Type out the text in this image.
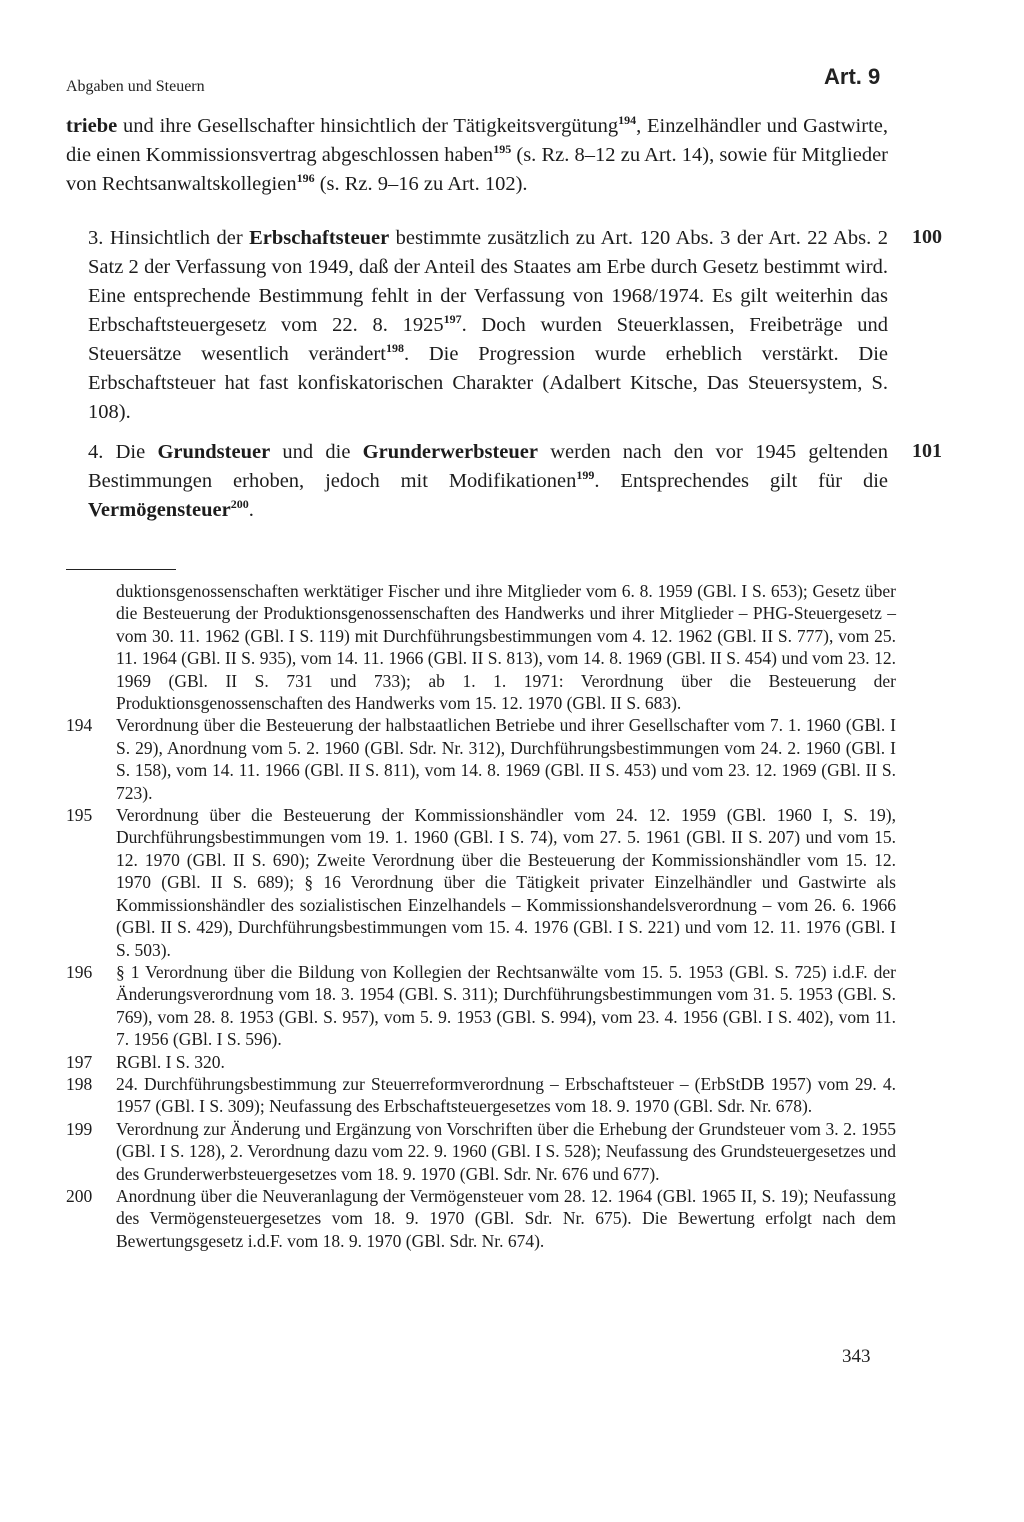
Abgaben und Steuern	Art. 9
triebe und ihre Gesellschafter hinsichtlich der Tätigkeitsvergütung$^{194}$, Einzelhändler und Gastwirte, die einen Kommissionsvertrag abgeschlossen haben$^{195}$ (s. Rz. 8–12 zu Art. 14), sowie für Mitglieder von Rechtsanwaltskollegien$^{196}$ (s. Rz. 9–16 zu Art. 102).
100
3. Hinsichtlich der Erbschaftsteuer bestimmte zusätzlich zu Art. 120 Abs. 3 der Art. 22 Abs. 2 Satz 2 der Verfassung von 1949, daß der Anteil des Staates am Erbe durch Gesetz bestimmt wird. Eine entsprechende Bestimmung fehlt in der Verfassung von 1968/1974. Es gilt weiterhin das Erbschaftsteuergesetz vom 22. 8. 1925$^{197}$. Doch wurden Steuerklassen, Freibeträge und Steuersätze wesentlich verändert$^{198}$. Die Progression wurde erheblich verstärkt. Die Erbschaftsteuer hat fast konfiskatorischen Charakter (Adalbert Kitsche, Das Steuersystem, S. 108).
101
4. Die Grundsteuer und die Grunderwerbsteuer werden nach den vor 1945 geltenden Bestimmungen erhoben, jedoch mit Modifikationen$^{199}$. Entsprechendes gilt für die Vermögensteuer$^{200}$.
duktionsgenossenschaften werktätiger Fischer und ihre Mitglieder vom 6. 8. 1959 (GBl. I S. 653); Gesetz über die Besteuerung der Produktionsgenossenschaften des Handwerks und ihrer Mitglieder – PHG-Steuergesetz – vom 30. 11. 1962 (GBl. I S. 119) mit Durchführungsbestimmungen vom 4. 12. 1962 (GBl. II S. 777), vom 25. 11. 1964 (GBl. II S. 935), vom 14. 11. 1966 (GBl. II S. 813), vom 14. 8. 1969 (GBl. II S. 454) und vom 23. 12. 1969 (GBl. II S. 731 und 733); ab 1. 1. 1971: Verordnung über die Besteuerung der Produktionsgenossenschaften des Handwerks vom 15. 12. 1970 (GBl. II S. 683).
194	Verordnung über die Besteuerung der halbstaatlichen Betriebe und ihrer Gesellschafter vom 7. 1. 1960 (GBl. I S. 29), Anordnung vom 5. 2. 1960 (GBl. Sdr. Nr. 312), Durchführungsbestimmungen vom 24. 2. 1960 (GBl. I S. 158), vom 14. 11. 1966 (GBl. II S. 811), vom 14. 8. 1969 (GBl. II S. 453) und vom 23. 12. 1969 (GBl. II S. 723).
195	Verordnung über die Besteuerung der Kommissionshändler vom 24. 12. 1959 (GBl. 1960 I, S. 19), Durchführungsbestimmungen vom 19. 1. 1960 (GBl. I S. 74), vom 27. 5. 1961 (GBl. II S. 207) und vom 15. 12. 1970 (GBl. II S. 690); Zweite Verordnung über die Besteuerung der Kommissionshändler vom 15. 12. 1970 (GBl. II S. 689); § 16 Verordnung über die Tätigkeit privater Einzelhändler und Gastwirte als Kommissionshändler des sozialistischen Einzelhandels – Kommissionshandelsverordnung – vom 26. 6. 1966 (GBl. II S. 429), Durchführungsbestimmungen vom 15. 4. 1976 (GBl. I S. 221) und vom 12. 11. 1976 (GBl. I S. 503).
196	§ 1 Verordnung über die Bildung von Kollegien der Rechtsanwälte vom 15. 5. 1953 (GBl. S. 725) i.d.F. der Änderungsverordnung vom 18. 3. 1954 (GBl. S. 311); Durchführungsbestimmungen vom 31. 5. 1953 (GBl. S. 769), vom 28. 8. 1953 (GBl. S. 957), vom 5. 9. 1953 (GBl. S. 994), vom 23. 4. 1956 (GBl. I S. 402), vom 11. 7. 1956 (GBl. I S. 596).
197	RGBl. I S. 320.
198	24. Durchführungsbestimmung zur Steuerreformverordnung – Erbschaftsteuer – (ErbStDB 1957) vom 29. 4. 1957 (GBl. I S. 309); Neufassung des Erbschaftsteuergesetzes vom 18. 9. 1970 (GBl. Sdr. Nr. 678).
199	Verordnung zur Änderung und Ergänzung von Vorschriften über die Erhebung der Grundsteuer vom 3. 2. 1955 (GBl. I S. 128), 2. Verordnung dazu vom 22. 9. 1960 (GBl. I S. 528); Neufassung des Grundsteuergesetzes und des Grunderwerbsteuergesetzes vom 18. 9. 1970 (GBl. Sdr. Nr. 676 und 677).
200	Anordnung über die Neuveranlagung der Vermögensteuer vom 28. 12. 1964 (GBl. 1965 II, S. 19); Neufassung des Vermögensteuergesetzes vom 18. 9. 1970 (GBl. Sdr. Nr. 675). Die Bewertung erfolgt nach dem Bewertungsgesetz i.d.F. vom 18. 9. 1970 (GBl. Sdr. Nr. 674).
343
